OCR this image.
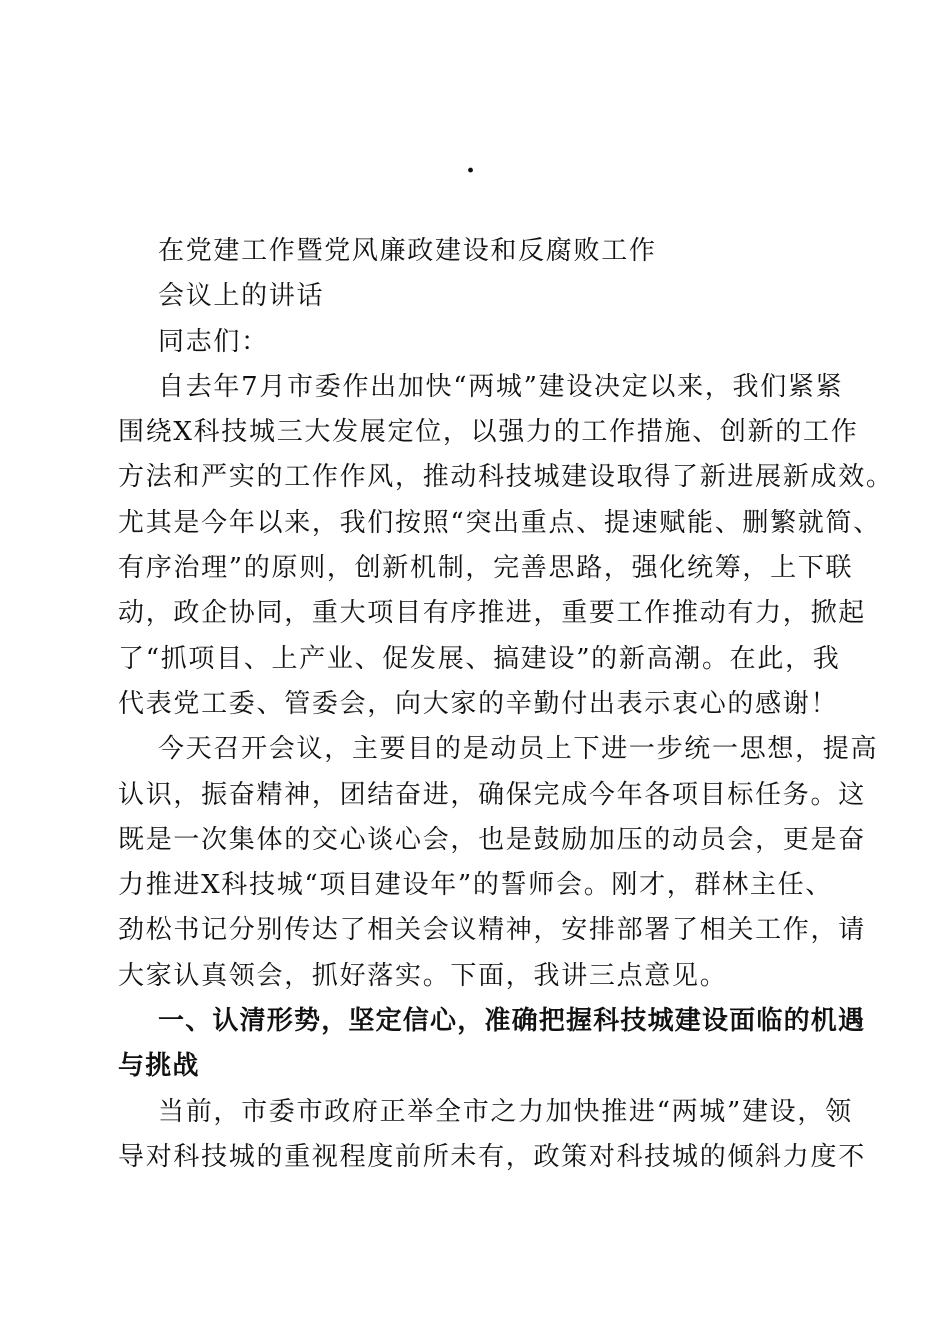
·
在党建工作暨党风廉政建设和反腐败工作
会议上的讲话
同志们：
自去年7月市委作出加快“两城”建设决定以来，我们紧紧
围绕X科技城三大发展定位，以强力的工作措施、创新的工作
方法和严实的工作作风，推动科技城建设取得了新进展新成效。
尤其是今年以来，我们按照“突出重点、提速赋能、删繁就简、
有序治理”的原则，创新机制，完善思路，强化统筹，上下联
动，政企协同，重大项目有序推进，重要工作推动有力，掀起
了“抓项目、上产业、促发展、搞建设”的新高潮。在此，我
代表党工委、管委会，向大家的辛勤付出表示衷心的感谢！
今天召开会议，主要目的是动员上下进一步统一思想，提高
认识，振奋精神，团结奋进，确保完成今年各项目标任务。这
既是一次集体的交心谈心会，也是鼓励加压的动员会，更是奋
力推进X科技城“项目建设年”的誓师会。刚才，群林主任、
劲松书记分别传达了相关会议精神，安排部署了相关工作，请
大家认真领会，抓好落实。下面，我讲三点意见。
一、认清形势，坚定信心，准确把握科技城建设面临的机遇
与挑战
当前，市委市政府正举全市之力加快推进“两城”建设，领
导对科技城的重视程度前所未有，政策对科技城的倾斜力度不
